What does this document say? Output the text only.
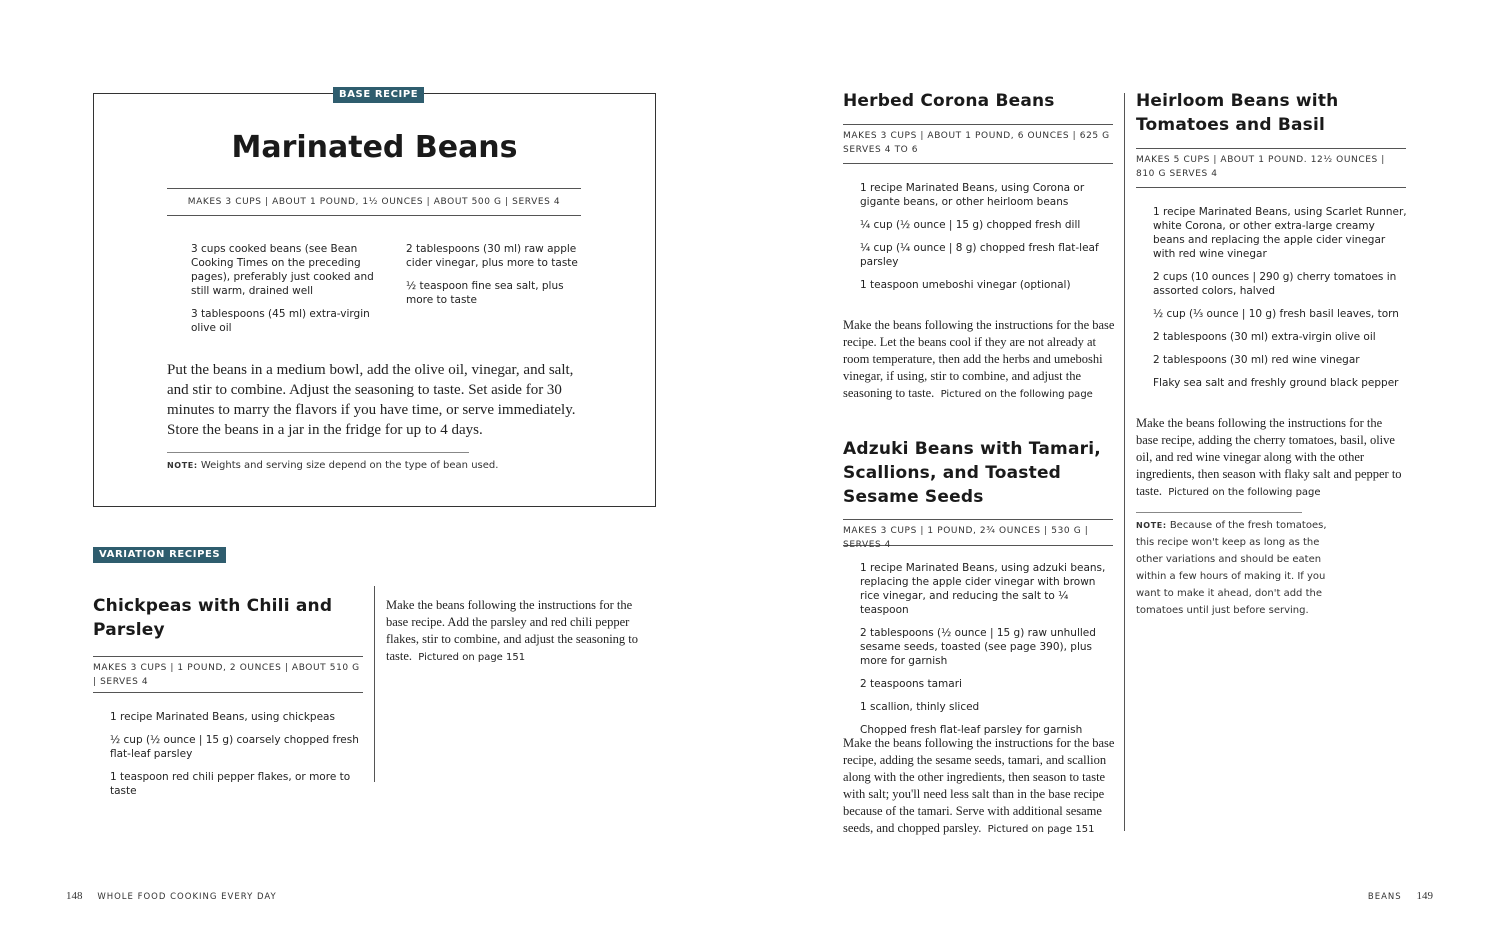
BASE RECIPE
Marinated Beans
MAKES 3 CUPS | ABOUT 1 POUND, 1½ OUNCES | ABOUT 500 G | SERVES 4
3 cups cooked beans (see Bean Cooking Times on the preceding pages), preferably just cooked and still warm, drained well
3 tablespoons (45 ml) extra-virgin olive oil
2 tablespoons (30 ml) raw apple cider vinegar, plus more to taste
½ teaspoon fine sea salt, plus more to taste

Put the beans in a medium bowl, add the olive oil, vinegar, and salt, and stir to combine. Adjust the seasoning to taste. Set aside for 30 minutes to marry the flavors if you have time, or serve immediately. Store the beans in a jar in the fridge for up to 4 days.

NOTE: Weights and serving size depend on the type of bean used.

VARIATION RECIPES
Chickpeas with Chili and Parsley
MAKES 3 CUPS | 1 POUND, 2 OUNCES | ABOUT 510 G | SERVES 4
1 recipe Marinated Beans, using chickpeas
½ cup (½ ounce | 15 g) coarsely chopped fresh flat-leaf parsley
1 teaspoon red chili pepper flakes, or more to taste

Make the beans following the instructions for the base recipe. Add the parsley and red chili pepper flakes, stir to combine, and adjust the seasoning to taste. Pictured on page 151

Herbed Corona Beans
MAKES 3 CUPS | ABOUT 1 POUND, 6 OUNCES | 625 G SERVES 4 TO 6
1 recipe Marinated Beans, using Corona or gigante beans, or other heirloom beans
¼ cup (½ ounce | 15 g) chopped fresh dill
¼ cup (¼ ounce | 8 g) chopped fresh flat-leaf parsley
1 teaspoon umeboshi vinegar (optional)

Make the beans following the instructions for the base recipe. Let the beans cool if they are not already at room temperature, then add the herbs and umeboshi vinegar, if using, stir to combine, and adjust the seasoning to taste. Pictured on the following page

Adzuki Beans with Tamari, Scallions, and Toasted Sesame Seeds
MAKES 3 CUPS | 1 POUND, 2¾ OUNCES | 530 G | SERVES 4
1 recipe Marinated Beans, using adzuki beans, replacing the apple cider vinegar with brown rice vinegar, and reducing the salt to ¼ teaspoon
2 tablespoons (½ ounce | 15 g) raw unhulled sesame seeds, toasted (see page 390), plus more for garnish
2 teaspoons tamari
1 scallion, thinly sliced
Chopped fresh flat-leaf parsley for garnish

Make the beans following the instructions for the base recipe, adding the sesame seeds, tamari, and scallion along with the other ingredients, then season to taste with salt; you'll need less salt than in the base recipe because of the tamari. Serve with additional sesame seeds, and chopped parsley. Pictured on page 151

Heirloom Beans with Tomatoes and Basil
MAKES 5 CUPS | ABOUT 1 POUND. 12½ OUNCES | 810 G SERVES 4
1 recipe Marinated Beans, using Scarlet Runner, white Corona, or other extra-large creamy beans and replacing the apple cider vinegar with red wine vinegar
2 cups (10 ounces | 290 g) cherry tomatoes in assorted colors, halved
½ cup (⅓ ounce | 10 g) fresh basil leaves, torn
2 tablespoons (30 ml) extra-virgin olive oil
2 tablespoons (30 ml) red wine vinegar
Flaky sea salt and freshly ground black pepper

Make the beans following the instructions for the base recipe, adding the cherry tomatoes, basil, olive oil, and red wine vinegar along with the other ingredients, then season with flaky salt and pepper to taste. Pictured on the following page

NOTE: Because of the fresh tomatoes, this recipe won't keep as long as the other variations and should be eaten within a few hours of making it. If you want to make it ahead, don't add the tomatoes until just before serving.

148 WHOLE FOOD COOKING EVERY DAY	BEANS 149
